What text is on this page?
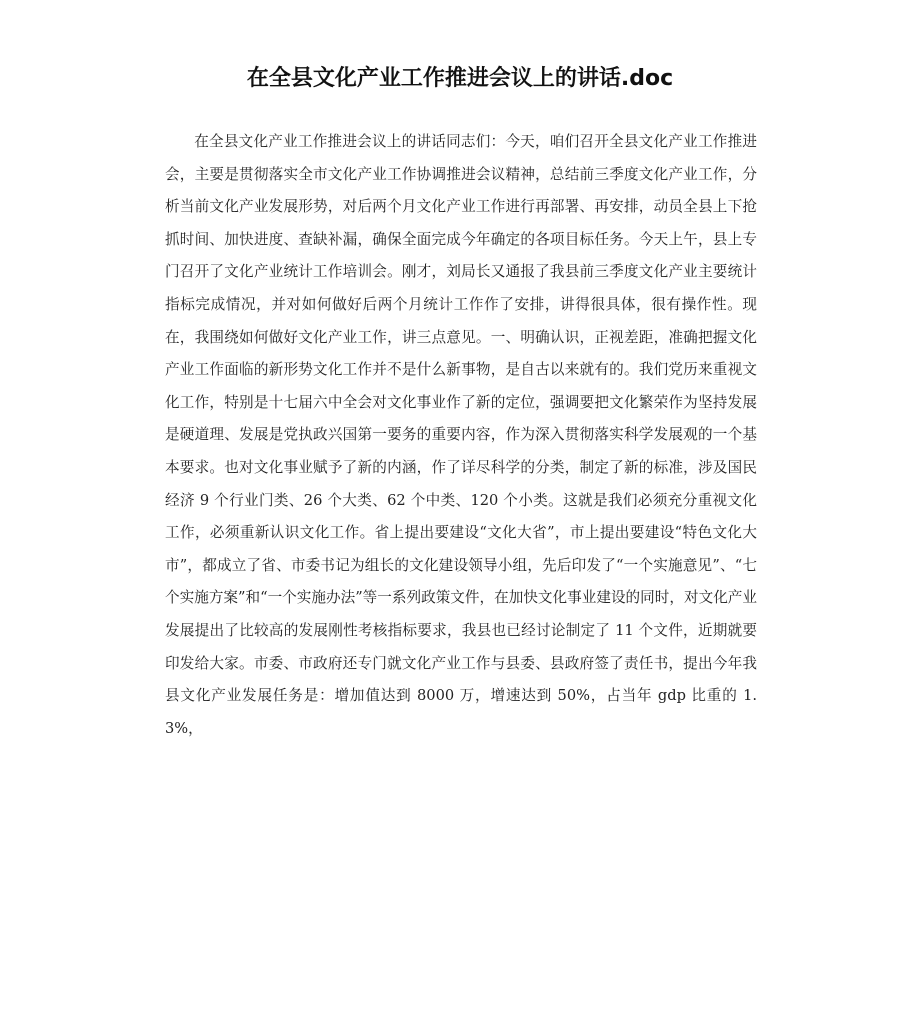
在全县文化产业工作推进会议上的讲话.doc

在全县文化产业工作推进会议上的讲话同志们：今天，咱们召开全县文化产业工作推进会，主要是贯彻落实全市文化产业工作协调推进会议精神，总结前三季度文化产业工作，分析当前文化产业发展形势，对后两个月文化产业工作进行再部署、再安排，动员全县上下抢抓时间、加快进度、查缺补漏，确保全面完成今年确定的各项目标任务。今天上午，县上专门召开了文化产业统计工作培训会。刚才，刘局长又通报了我县前三季度文化产业主要统计指标完成情况，并对如何做好后两个月统计工作作了安排，讲得很具体，很有操作性。现在，我围绕如何做好文化产业工作，讲三点意见。一、明确认识，正视差距，准确把握文化产业工作面临的新形势文化工作并不是什么新事物，是自古以来就有的。我们党历来重视文化工作，特别是十七届六中全会对文化事业作了新的定位，强调要把文化繁荣作为坚持发展是硬道理、发展是党执政兴国第一要务的重要内容，作为深入贯彻落实科学发展观的一个基本要求。也对文化事业赋予了新的内涵，作了详尽科学的分类，制定了新的标准，涉及国民经济 9 个行业门类、26 个大类、62 个中类、120 个小类。这就是我们必须充分重视文化工作，必须重新认识文化工作。省上提出要建设“文化大省”，市上提出要建设“特色文化大市”，都成立了省、市委书记为组长的文化建设领导小组，先后印发了“一个实施意见”、“七个实施方案”和“一个实施办法”等一系列政策文件，在加快文化事业建设的同时，对文化产业发展提出了比较高的发展刚性考核指标要求，我县也已经讨论制定了 11 个文件，近期就要印发给大家。市委、市政府还专门就文化产业工作与县委、县政府签了责任书，提出今年我县文化产业发展任务是：增加值达到 8000 万，增速达到 50%，占当年 gdp 比重的 1.3%，
